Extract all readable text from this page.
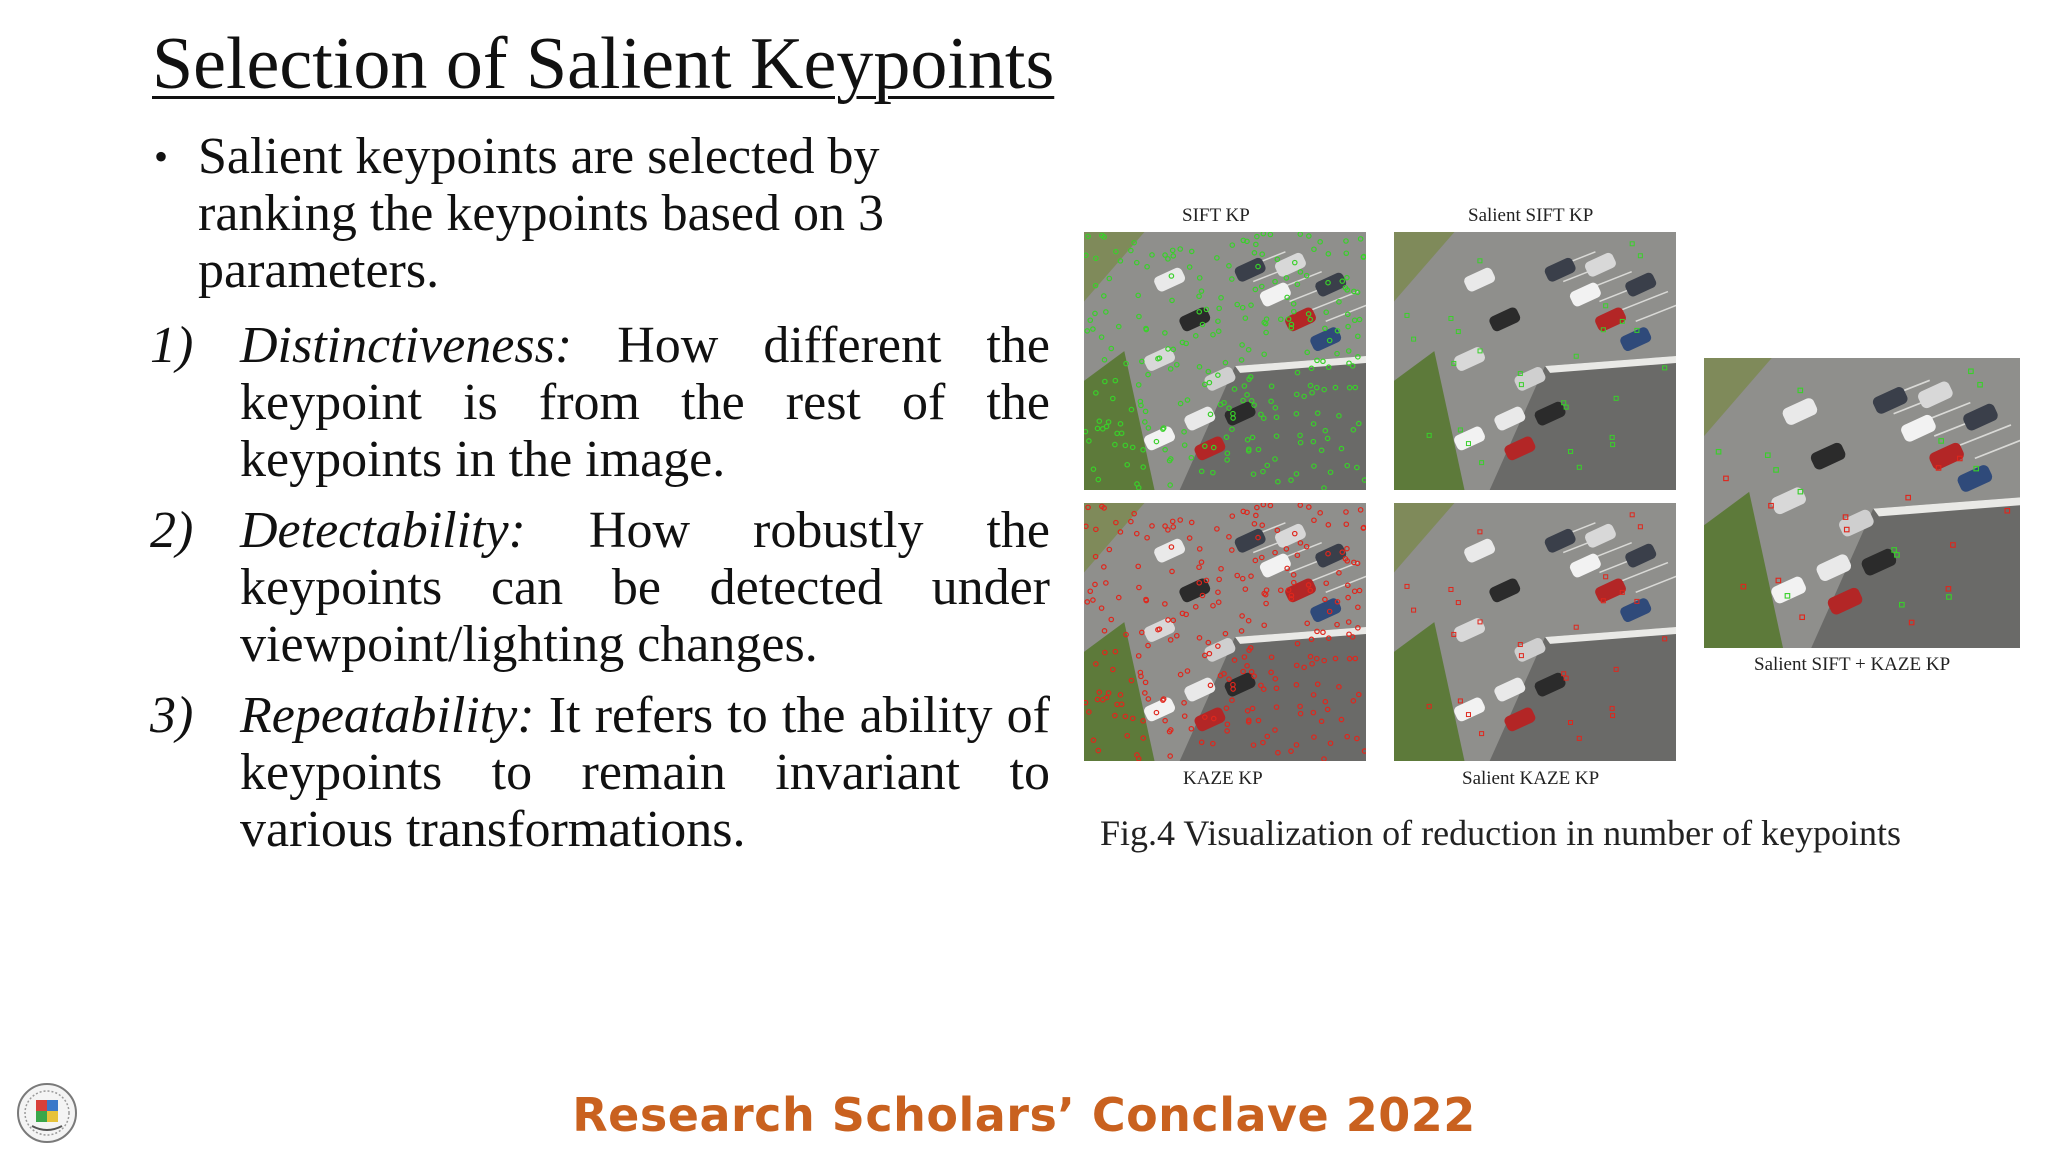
Selection of Salient Keypoints
• Salient keypoints are selected by ranking the keypoints based on 3 parameters.
1) Distinctiveness: How different the keypoint is from the rest of the keypoints in the image.
2) Detectability: How robustly the keypoints can be detected under viewpoint/lighting changes.
3) Repeatability: It refers to the ability of keypoints to remain invariant to various transformations.
SIFT KP	Salient SIFT KP
KAZE KP	Salient KAZE KP
Salient SIFT + KAZE KP
Fig.4 Visualization of reduction in number of keypoints
Research Scholars’ Conclave 2022
